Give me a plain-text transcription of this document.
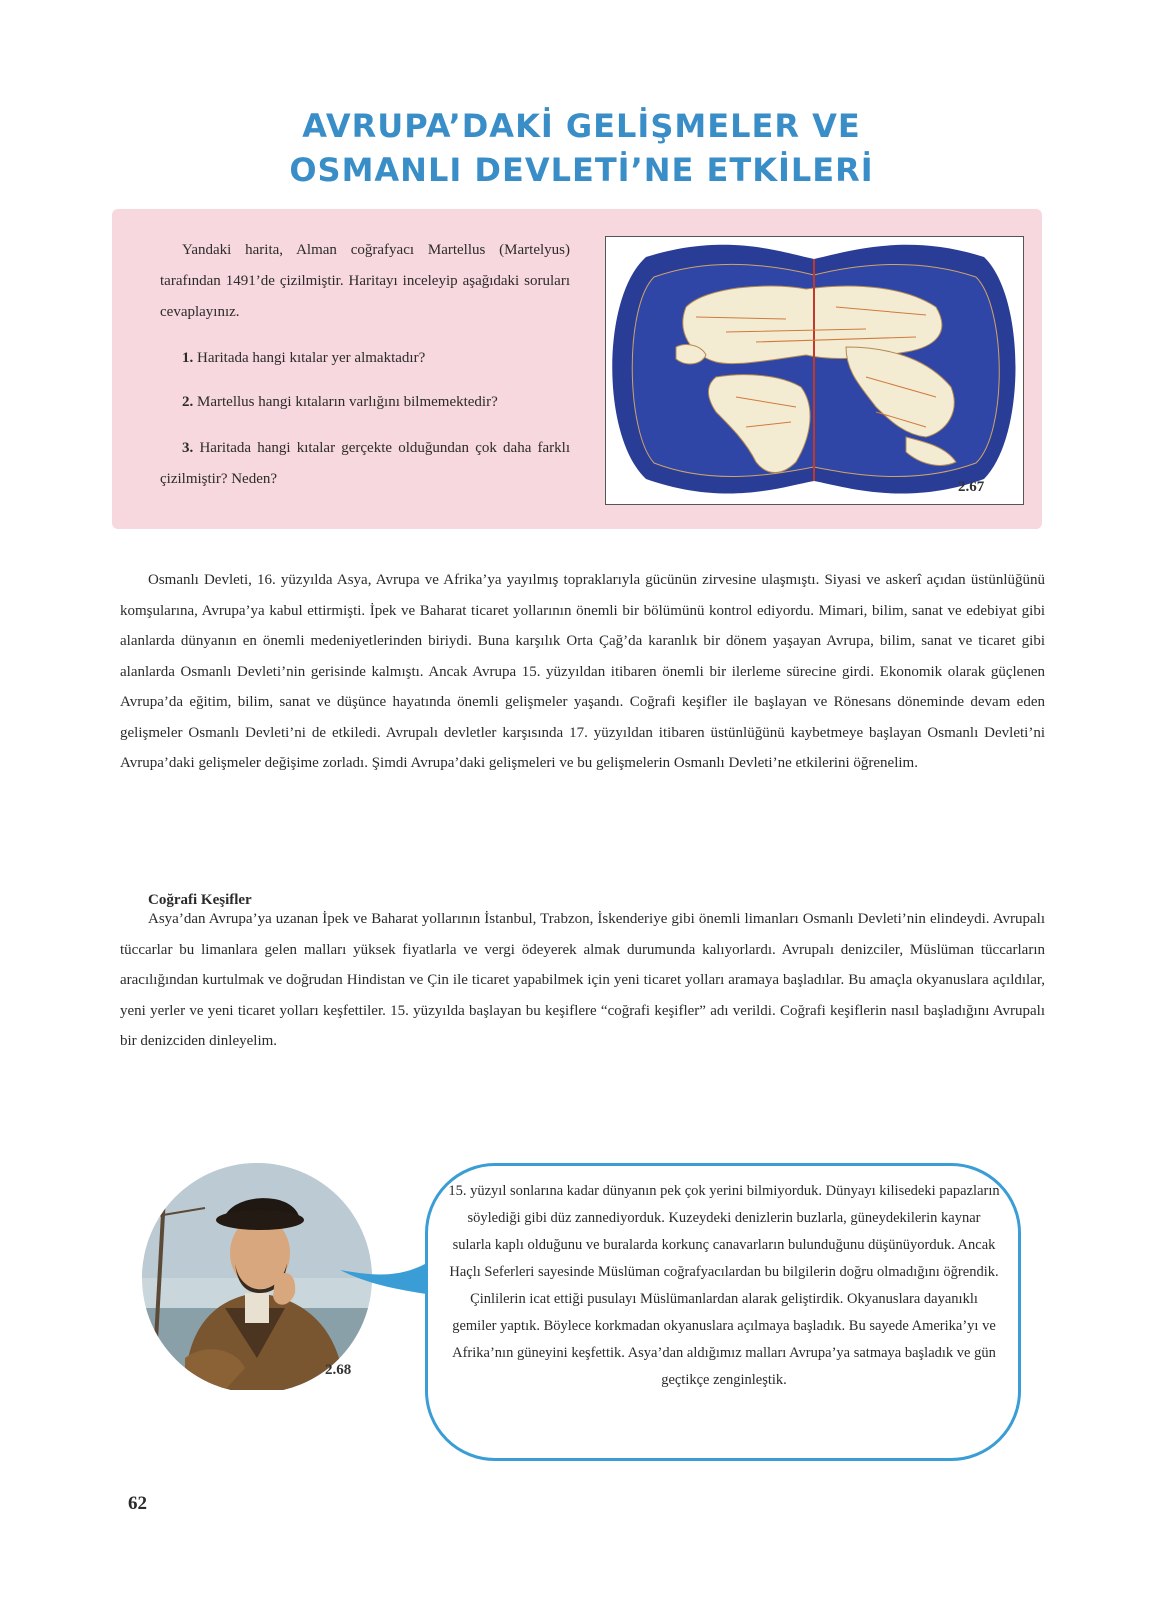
AVRUPA’DAKİ GELİŞMELER VE
OSMANLI DEVLETİ’NE ETKİLERİ

Yandaki harita, Alman coğrafyacı Martellus (Martelyus) tarafından 1491’de çizilmiştir. Haritayı inceleyip aşağıdaki soruları cevaplayınız.

1. Haritada hangi kıtalar yer almaktadır?

2. Martellus hangi kıtaların varlığını bilmemektedir?

3. Haritada hangi kıtalar gerçekte olduğundan çok daha farklı çizilmiştir? Neden?	2.67

Osmanlı Devleti, 16. yüzyılda Asya, Avrupa ve Afrika’ya yayılmış topraklarıyla gücünün zirvesine ulaşmıştı. Siyasi ve askerî açıdan üstünlüğünü komşularına, Avrupa’ya kabul ettirmişti. İpek ve Baharat ticaret yollarının önemli bir bölümünü kontrol ediyordu. Mimari, bilim, sanat ve edebiyat gibi alanlarda dünyanın en önemli medeniyetlerinden biriydi. Buna karşılık Orta Çağ’da karanlık bir dönem yaşayan Avrupa, bilim, sanat ve ticaret gibi alanlarda Osmanlı Devleti’nin gerisinde kalmıştı. Ancak Avrupa 15. yüzyıldan itibaren önemli bir ilerleme sürecine girdi. Ekonomik olarak güçlenen Avrupa’da eğitim, bilim, sanat ve düşünce hayatında önemli gelişmeler yaşandı. Coğrafi keşifler ile başlayan ve Rönesans döneminde devam eden gelişmeler Osmanlı Devleti’ni de etkiledi. Avrupalı devletler karşısında 17. yüzyıldan itibaren üstünlüğünü kaybetmeye başlayan Osmanlı Devleti’ni Avrupa’daki gelişmeler değişime zorladı. Şimdi Avrupa’daki gelişmeleri ve bu gelişmelerin Osmanlı Devleti’ne etkilerini öğrenelim.

Coğrafi Keşifler

Asya’dan Avrupa’ya uzanan İpek ve Baharat yollarının İstanbul, Trabzon, İskenderiye gibi önemli limanları Osmanlı Devleti’nin elindeydi. Avrupalı tüccarlar bu limanlara gelen malları yüksek fiyatlarla ve vergi ödeyerek almak durumunda kalıyorlardı. Avrupalı denizciler, Müslüman tüccarların aracılığından kurtulmak ve doğrudan Hindistan ve Çin ile ticaret yapabilmek için yeni ticaret yolları aramaya başladılar. Bu amaçla okyanuslara açıldılar, yeni yerler ve yeni ticaret yolları keşfettiler. 15. yüzyılda başlayan bu keşiflere “coğrafi keşifler” adı verildi. Coğrafi keşiflerin nasıl başladığını Avrupalı bir denizciden dinleyelim.

2.68

15. yüzyıl sonlarına kadar dünyanın pek çok yerini bilmiyorduk. Dünyayı kilisedeki papazların söylediği gibi düz zannediyorduk. Kuzeydeki denizlerin buzlarla, güneydekilerin kaynar sularla kaplı olduğunu ve buralarda korkunç canavarların bulunduğunu düşünüyorduk. Ancak Haçlı Seferleri sayesinde Müslüman coğrafyacılardan bu bilgilerin doğru olmadığını öğrendik. Çinlilerin icat ettiği pusulayı Müslümanlardan alarak geliştirdik. Okyanuslara dayanıklı gemiler yaptık. Böylece korkmadan okyanuslara açılmaya başladık. Bu sayede Amerika’yı ve Afrika’nın güneyini keşfettik. Asya’dan aldığımız malları Avrupa’ya satmaya başladık ve gün geçtikçe zenginleştik.

62
